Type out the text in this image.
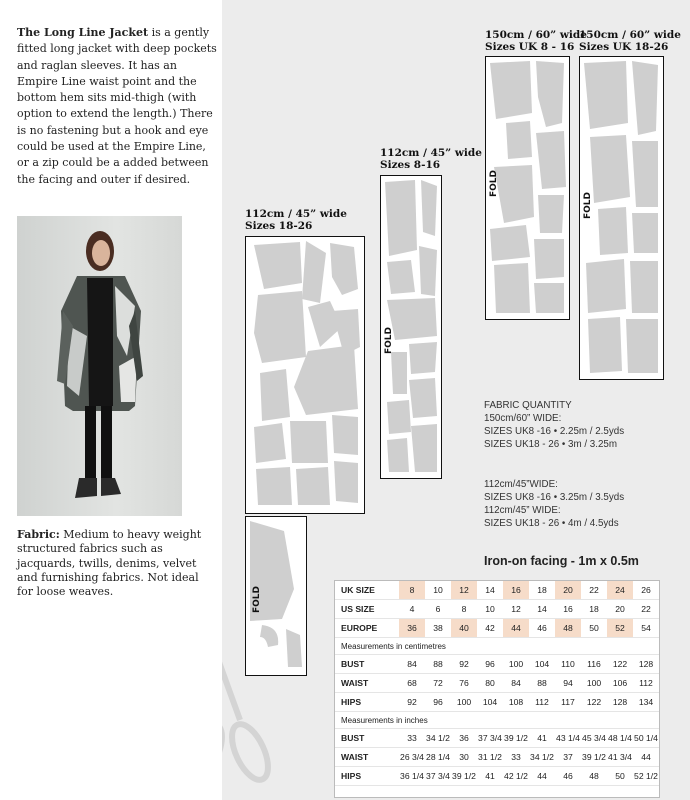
The Long Line Jacket is a gently fitted long jacket with deep pockets and raglan sleeves. It has an Empire Line waist point and the bottom hem sits mid-thigh (with option to extend the length.) There is no fastening but a hook and eye could be used at the Empire Line, or a zip could be a added between the facing and outer if desired.
Fabric: Medium to heavy weight structured fabrics such as jacquards, twills, denims, velvet and furnishing fabrics. Not ideal for loose weaves.
112cm / 45” wide
Sizes 18-26
FOLD
112cm / 45” wide
Sizes 8-16
FOLD
150cm / 60” wide
Sizes UK 8 - 16
FOLD
150cm / 60” wide
Sizes UK 18-26
FOLD
FABRIC QUANTITY
150cm/60” WIDE:
SIZES UK8 -16 • 2.25m / 2.5yds
SIZES UK18 - 26 • 3m / 3.25m
112cm/45”WIDE:
SIZES UK8 -16 • 3.25m / 3.5yds
112cm/45” WIDE:
SIZES UK18 - 26 • 4m / 4.5yds
Iron-on facing - 1m x 0.5m
UK SIZE	8	10	12	14	16	18	20	22	24	26
US SIZE	4	6	8	10	12	14	16	18	20	22
EUROPE	36	38	40	42	44	46	48	50	52	54
Measurements in centimetres										
BUST	84	88	92	96	100	104	110	116	122	128
WAIST	68	72	76	80	84	88	94	100	106	112
HIPS	92	96	100	104	108	112	117	122	128	134
Measurements in inches										
BUST	33	34 1/2	36	37 3/4	39 1/2	41	43 1/4	45 3/4	48 1/4	50 1/4
WAIST	26 3/4	28 1/4	30	31 1/2	33	34 1/2	37	39 1/2	41 3/4	44
HIPS	36 1/4	37 3/4	39 1/2	41	42 1/2	44	46	48	50	52 1/2
